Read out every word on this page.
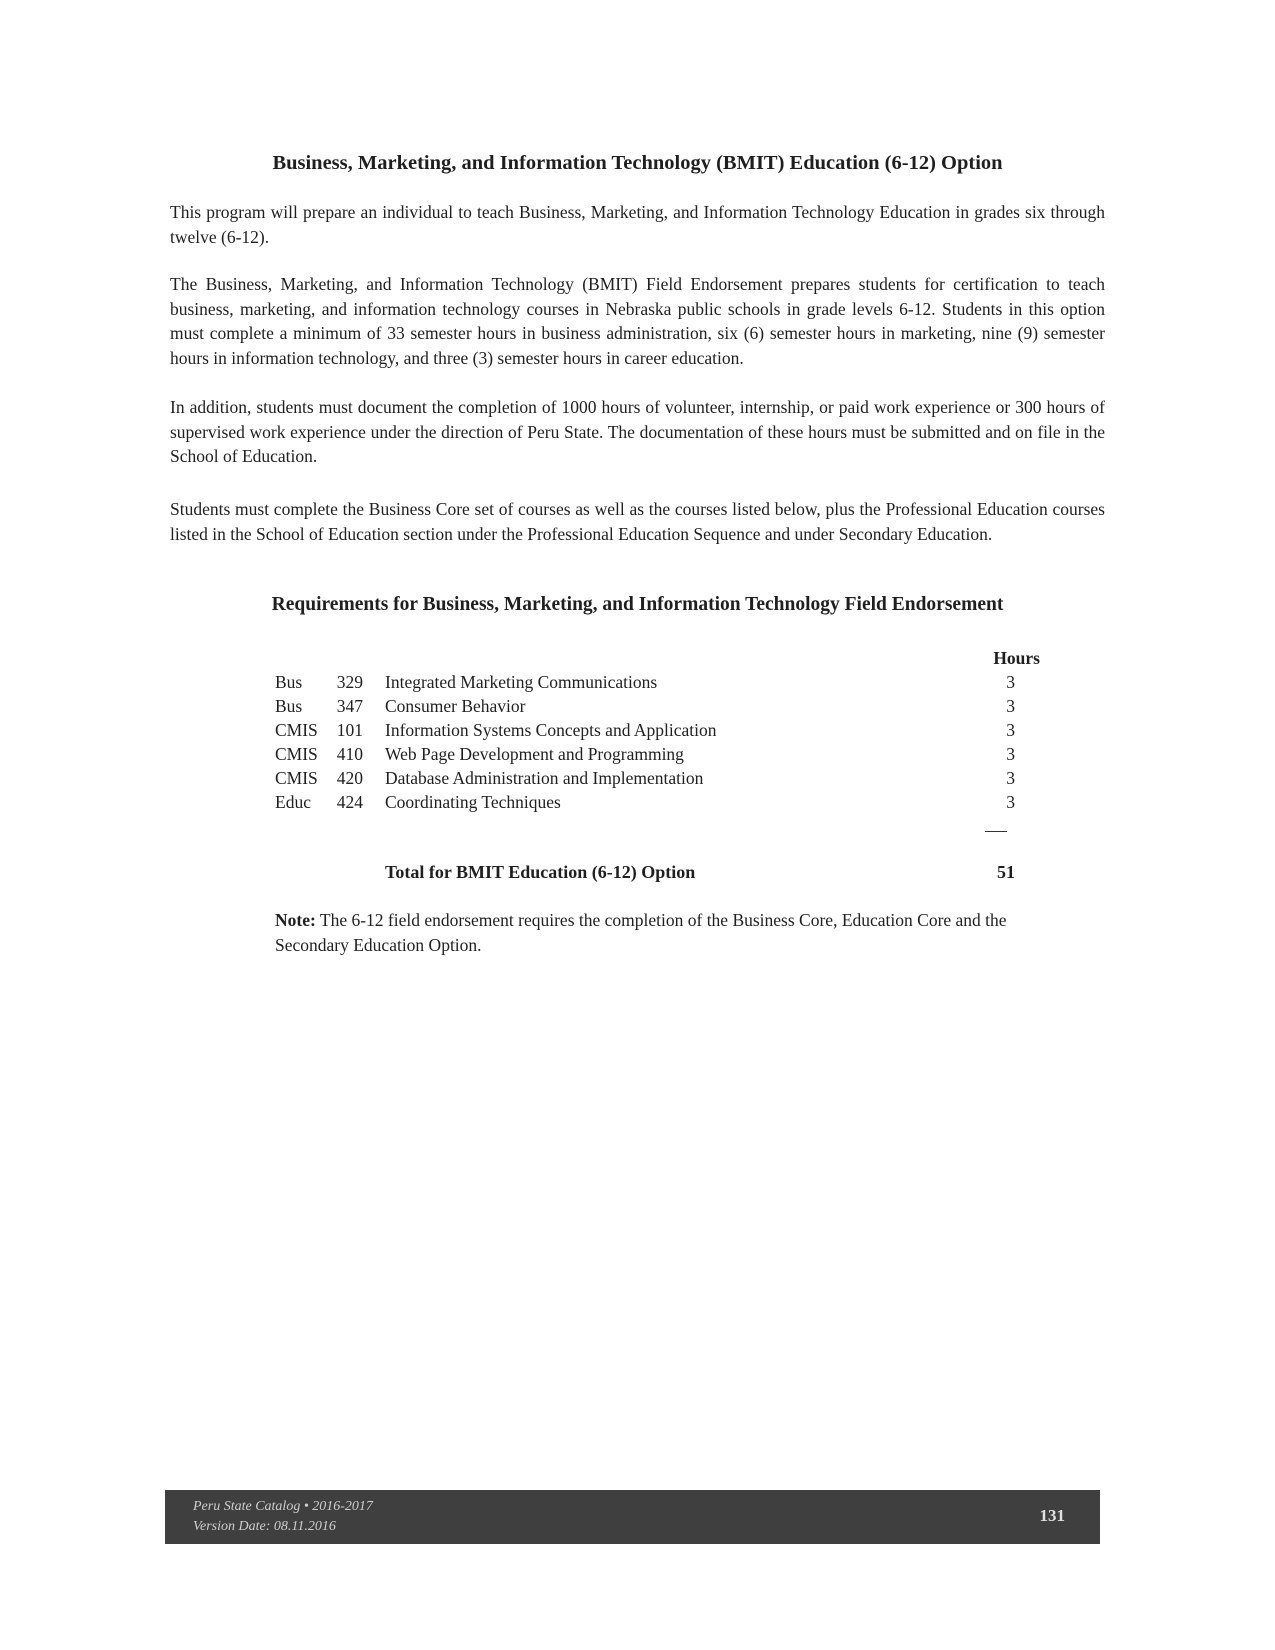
Business, Marketing, and Information Technology (BMIT) Education (6-12) Option

This program will prepare an individual to teach Business, Marketing, and Information Technology Education in grades six through twelve (6-12).

The Business, Marketing, and Information Technology (BMIT) Field Endorsement prepares students for certification to teach business, marketing, and information technology courses in Nebraska public schools in grade levels 6-12. Students in this option must complete a minimum of 33 semester hours in business administration, six (6) semester hours in marketing, nine (9) semester hours in information technology, and three (3) semester hours in career education.

In addition, students must document the completion of 1000 hours of volunteer, internship, or paid work experience or 300 hours of supervised work experience under the direction of Peru State. The documentation of these hours must be submitted and on file in the School of Education.

Students must complete the Business Core set of courses as well as the courses listed below, plus the Professional Education courses listed in the School of Education section under the Professional Education Sequence and under Secondary Education.

Requirements for Business, Marketing, and Information Technology Field Endorsement
Hours
Bus	329 Integrated Marketing Communications	3
Bus	347 Consumer Behavior	3
CMIS	101 Information Systems Concepts and Application	3
CMIS	410 Web Page Development and Programming	3
CMIS	420 Database Administration and Implementation	3
Educ	424 Coordinating Techniques	3
Total for BMIT Education (6-12) Option	51

Note: The 6-12 field endorsement requires the completion of the Business Core, Education Core and the Secondary Education Option.

Peru State Catalog • 2016-2017
Version Date: 08.11.2016
131
